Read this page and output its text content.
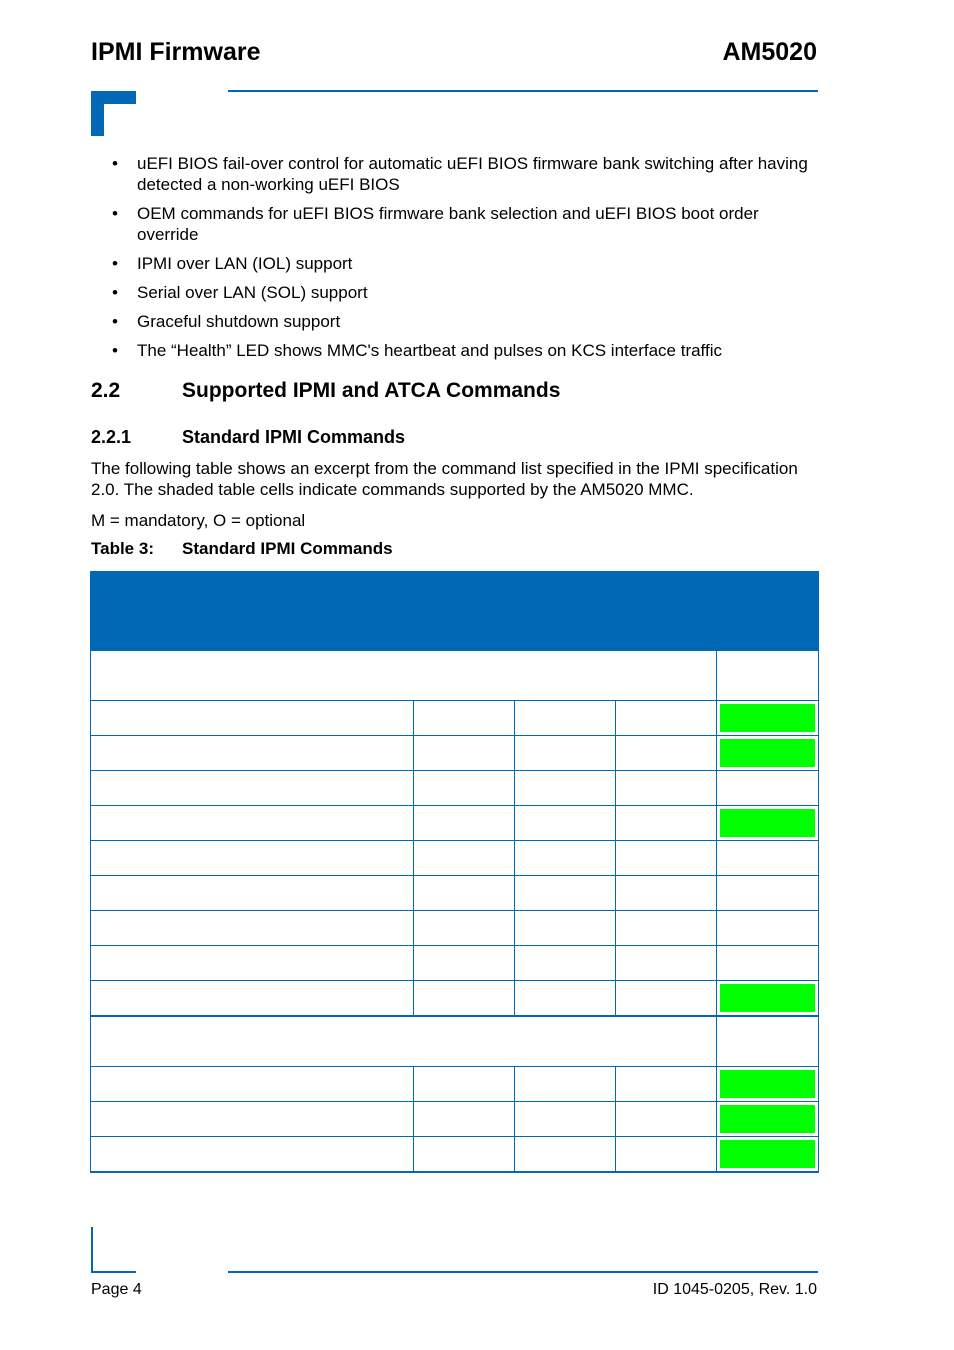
IPMI Firmware	AM5020
• uEFI BIOS fail-over control for automatic uEFI BIOS firmware bank switching after having detected a non-working uEFI BIOS
• OEM commands for uEFI BIOS firmware bank selection and uEFI BIOS boot order override
• IPMI over LAN (IOL) support
• Serial over LAN (SOL) support
• Graceful shutdown support
• The “Health” LED shows MMC's heartbeat and pulses on KCS interface traffic
2.2	Supported IPMI and ATCA Commands
2.2.1	Standard IPMI Commands
The following table shows an excerpt from the command list specified in the IPMI specification 2.0. The shaded table cells indicate commands supported by the AM5020 MMC.
M = mandatory, O = optional
Table 3: Standard IPMI Commands

Page 4	ID 1045-0205, Rev. 1.0
